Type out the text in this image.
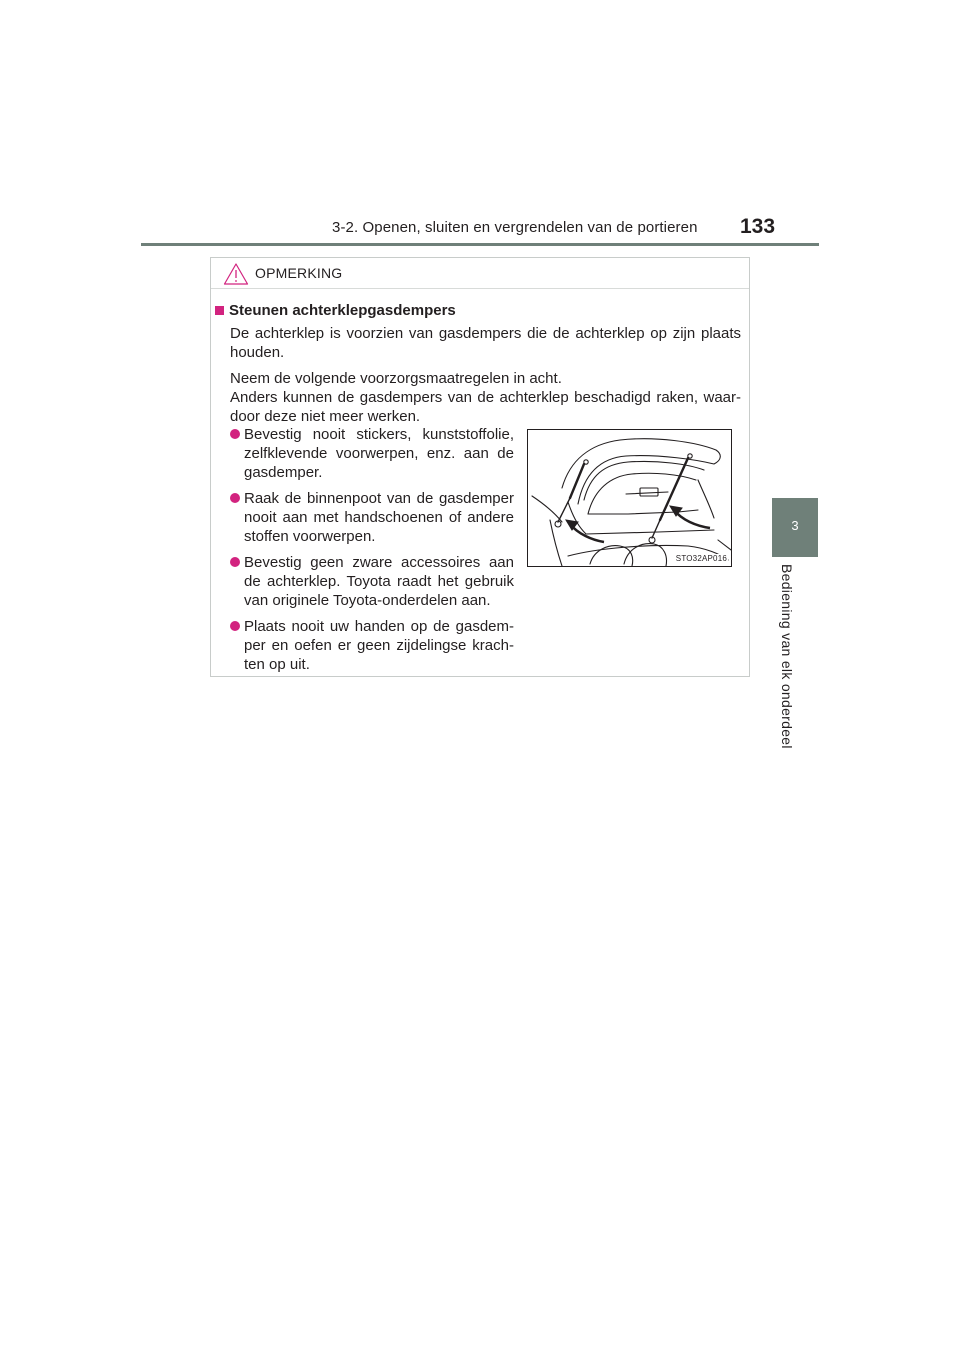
3-2. Openen, sluiten en vergrendelen van de portieren 133
3
Bediening van elk onderdeel
OPMERKING
Steunen achterklepgasdempers
De achterklep is voorzien van gasdempers die de achterklep op zijn plaats
houden.
Neem de volgende voorzorgsmaatregelen in acht.
Anders kunnen de gasdempers van de achterklep beschadigd raken, waar-
door deze niet meer werken.
Bevestig nooit stickers, kunststoffolie,
zelfklevende voorwerpen, enz. aan de
gasdemper.
Raak de binnenpoot van de gasdemper
nooit aan met handschoenen of andere
stoffen voorwerpen.
Bevestig geen zware accessoires aan
de achterklep. Toyota raadt het gebruik
van originele Toyota-onderdelen aan.
Plaats nooit uw handen op de gasdem-
per en oefen er geen zijdelingse krach-
ten op uit.
STO32AP016
